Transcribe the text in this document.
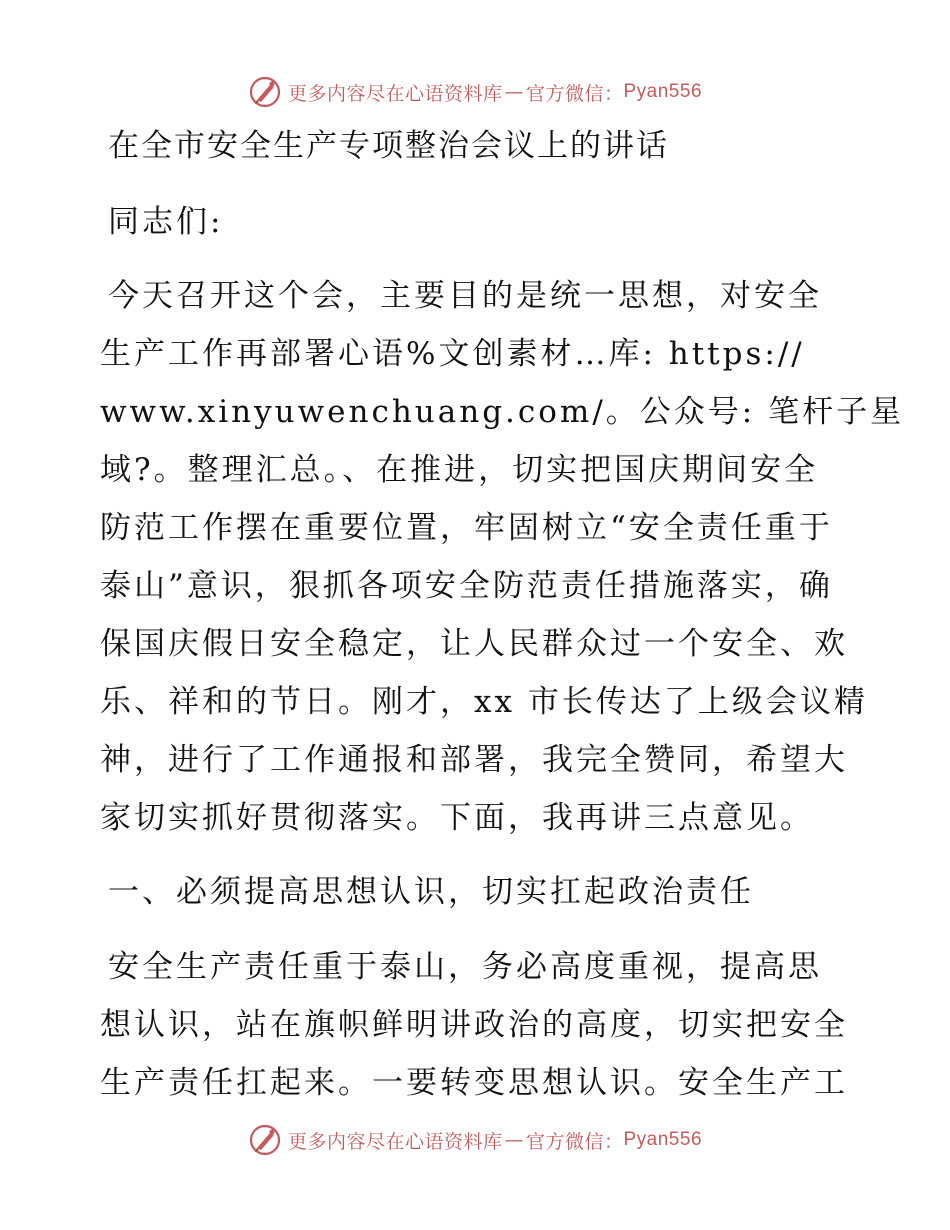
更多内容尽在心语资料库 — 官方微信： Pyan556
在全市安全生产专项整治会议上的讲话
同志们:
今天召开这个会，主要目的是统一思想，对安全
生产工作再部署心语%文创素材…库: https://
www.xinyuwenchuang.com/。公众号: 笔杆子星
域?。整理汇总。、在推进，切实把国庆期间安全
防范工作摆在重要位置，牢固树立“安全责任重于
泰山”意识，狠抓各项安全防范责任措施落实，确
保国庆假日安全稳定，让人民群众过一个安全、欢
乐、祥和的节日。刚才，xx 市长传达了上级会议精
神，进行了工作通报和部署，我完全赞同，希望大
家切实抓好贯彻落实。下面，我再讲三点意见。
一、必须提高思想认识，切实扛起政治责任
安全生产责任重于泰山，务必高度重视，提高思
想认识，站在旗帜鲜明讲政治的高度，切实把安全
生产责任扛起来。一要转变思想认识。安全生产工
更多内容尽在心语资料库 — 官方微信： Pyan556
